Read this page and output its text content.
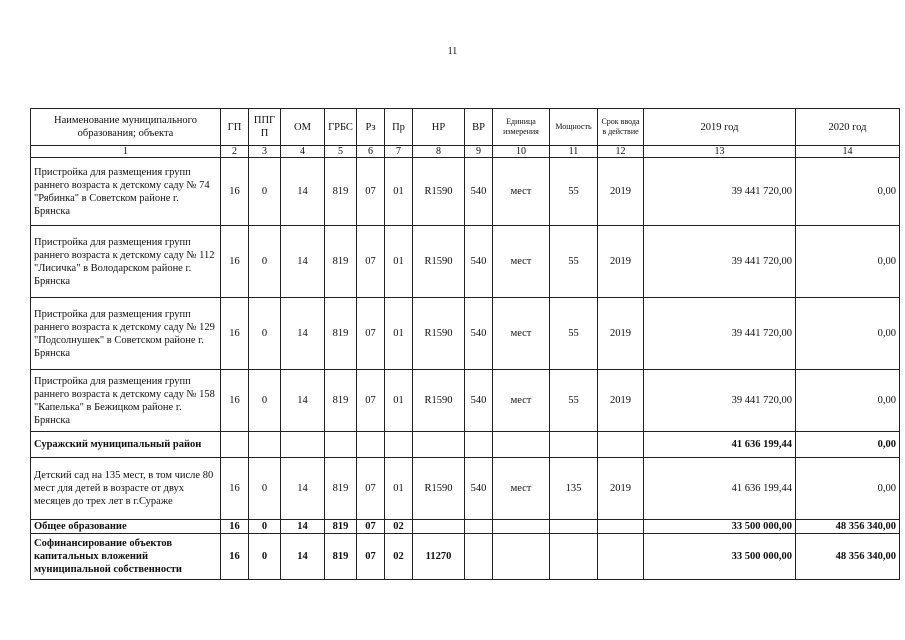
11
Наименование муниципального образования; объекта	ГП	ППГ П	ОМ	ГРБС	Рз	Пр	НР	ВР	Единица измерения	Мощность	Срок ввода в действие	2019 год	2020 год
1	2	3	4	5	6	7	8	9	10	11	12	13	14
Пристройка для размещения групп раннего возраста к детскому саду № 74 "Рябинка" в Советском районе г. Брянска	16	0	14	819	07	01	R1590	540	мест	55	2019	39 441 720,00	0,00
Пристройка для размещения групп раннего возраста к детскому саду № 112 "Лисичка" в Володарском районе г. Брянска	16	0	14	819	07	01	R1590	540	мест	55	2019	39 441 720,00	0,00
Пристройка для размещения групп раннего возраста к детскому саду № 129 "Подсолнушек" в Советском районе г. Брянска	16	0	14	819	07	01	R1590	540	мест	55	2019	39 441 720,00	0,00
Пристройка для размещения групп раннего возраста к детскому саду № 158 "Капелька" в Бежицком районе г. Брянска	16	0	14	819	07	01	R1590	540	мест	55	2019	39 441 720,00	0,00
Суражский муниципальный район												41 636 199,44	0,00
Детский сад на 135 мест, в том числе 80 мест для детей в возрасте от двух месяцев до трех лет в г.Сураже	16	0	14	819	07	01	R1590	540	мест	135	2019	41 636 199,44	0,00
Общее образование	16	0	14	819	07	02						33 500 000,00	48 356 340,00
Софинансирование объектов капитальных вложений муниципальной собственности	16	0	14	819	07	02	11270					33 500 000,00	48 356 340,00
